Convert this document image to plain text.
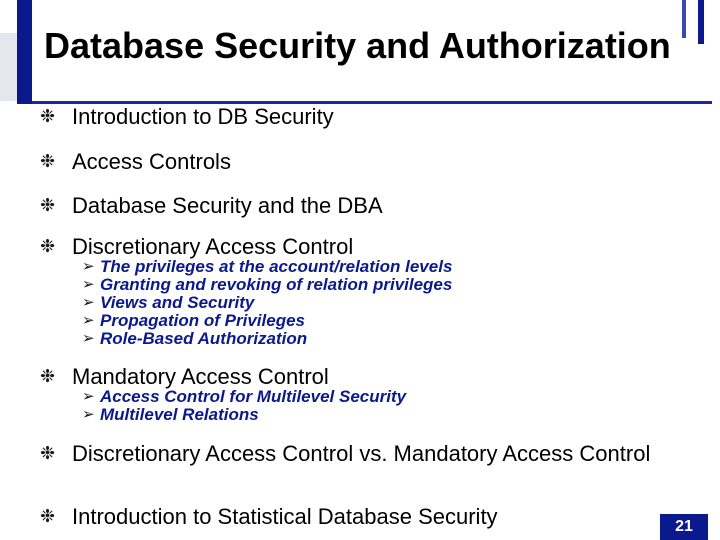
Database Security and Authorization
❉
Introduction to DB Security
❉
Access Controls
❉
Database Security and the DBA
❉
Discretionary Access Control
➢ The privileges at the account/relation levels
➢ Granting and revoking of relation privileges
➢ Views and Security
➢ Propagation of Privileges
➢ Role-Based Authorization
❉
Mandatory Access Control
➢ Access Control for Multilevel Security
➢ Multilevel Relations
❉
Discretionary Access Control vs. Mandatory Access Control
❉
Introduction to Statistical Database Security	21
